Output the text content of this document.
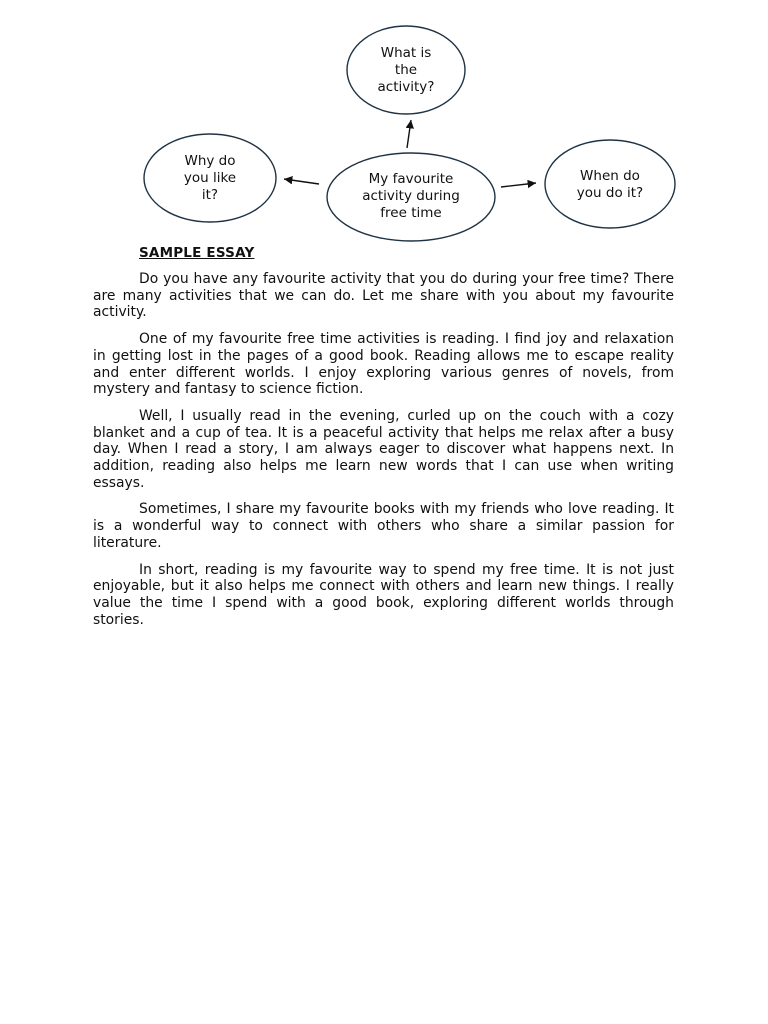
What is the activity?
Why do you like it?
My favourite activity during free time
When do you do it?
SAMPLE ESSAY

Do you have any favourite activity that you do during your free time? There are many activities that we can do. Let me share with you about my favourite activity.

One of my favourite free time activities is reading. I find joy and relaxation in getting lost in the pages of a good book. Reading allows me to escape reality and enter different worlds. I enjoy exploring various genres of novels, from mystery and fantasy to science fiction.

Well, I usually read in the evening, curled up on the couch with a cozy blanket and a cup of tea. It is a peaceful activity that helps me relax after a busy day. When I read a story, I am always eager to discover what happens next. In addition, reading also helps me learn new words that I can use when writing essays.

Sometimes, I share my favourite books with my friends who love reading. It is a wonderful way to connect with others who share a similar passion for literature.

In short, reading is my favourite way to spend my free time. It is not just enjoyable, but it also helps me connect with others and learn new things. I really value the time I spend with a good book, exploring different worlds through stories.
